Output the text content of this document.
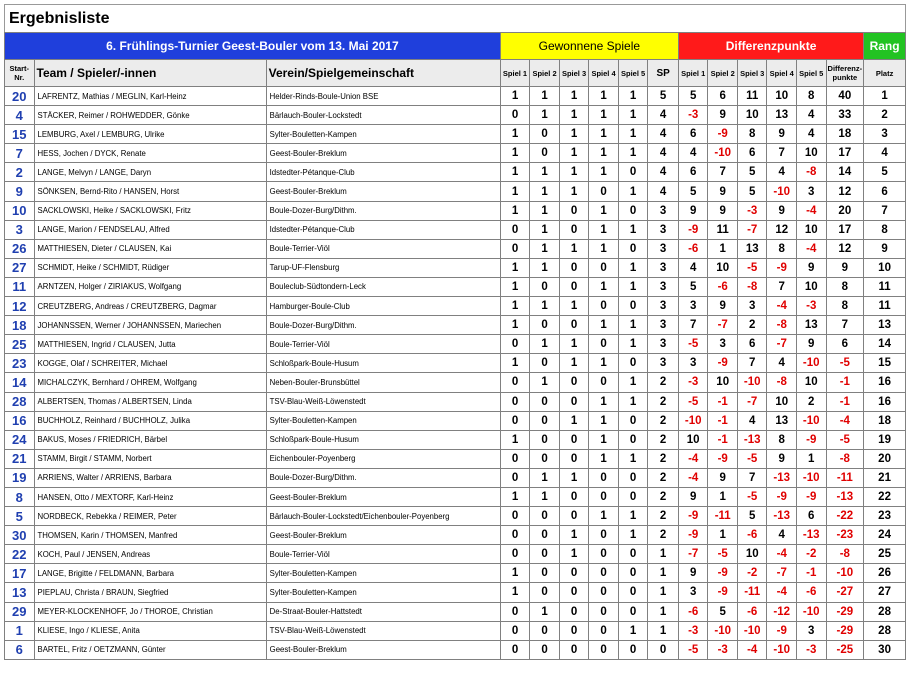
Ergebnisliste
6. Frühlings-Turnier Geest-Bouler vom 13. Mai 2017			Gewonnene Spiele						Differenzpunkte						Rang
Start-Nr.	Team / Spieler/-innen	Verein/Spielgemeinschaft	Spiel 1	Spiel 2	Spiel 3	Spiel 4	Spiel 5	SP	Spiel 1	Spiel 2	Spiel 3	Spiel 4	Spiel 5	Differenz-punkte	Platz
20	LAFRENTZ, Mathias / MEGLIN, Karl-Heinz	Helder-Rinds-Boule-Union BSE	1	1	1	1	1	5	5	6	11	10	8	40	1
4	STÄCKER, Reimer / ROHWEDDER, Gönke	Bärlauch-Bouler-Lockstedt	0	1	1	1	1	4	-3	9	10	13	4	33	2
15	LEMBURG, Axel / LEMBURG, Ulrike	Sylter-Bouletten-Kampen	1	0	1	1	1	4	6	-9	8	9	4	18	3
7	HESS, Jochen / DYCK, Renate	Geest-Bouler-Breklum	1	0	1	1	1	4	4	-10	6	7	10	17	4
2	LANGE, Melvyn / LANGE, Daryn	Idstedter-Pétanque-Club	1	1	1	1	0	4	6	7	5	4	-8	14	5
9	SÖNKSEN, Bernd-Rito / HANSEN, Horst	Geest-Bouler-Breklum	1	1	1	0	1	4	5	9	5	-10	3	12	6
10	SACKLOWSKI, Heike / SACKLOWSKI, Fritz	Boule-Dozer-Burg/Dithm.	1	1	0	1	0	3	9	9	-3	9	-4	20	7
3	LANGE, Marion / FENDSELAU, Alfred	Idstedter-Pétanque-Club	0	1	0	1	1	3	-9	11	-7	12	10	17	8
26	MATTHIESEN, Dieter / CLAUSEN, Kai	Boule-Terrier-Viöl	0	1	1	1	0	3	-6	1	13	8	-4	12	9
27	SCHMIDT, Heike / SCHMIDT, Rüdiger	Tarup-UF-Flensburg	1	1	0	0	1	3	4	10	-5	-9	9	9	10
11	ARNTZEN, Holger / ZIRIAKUS, Wolfgang	Bouleclub-Südtondern-Leck	1	0	0	1	1	3	5	-6	-8	7	10	8	11
12	CREUTZBERG, Andreas / CREUTZBERG, Dagmar	Hamburger-Boule-Club	1	1	1	0	0	3	3	9	3	-4	-3	8	11
18	JOHANNSSEN, Werner / JOHANNSSEN, Mariechen	Boule-Dozer-Burg/Dithm.	1	0	0	1	1	3	7	-7	2	-8	13	7	13
25	MATTHIESEN, Ingrid / CLAUSEN, Jutta	Boule-Terrier-Viöl	0	1	1	0	1	3	-5	3	6	-7	9	6	14
23	KOGGE, Olaf / SCHREITER, Michael	Schloßpark-Boule-Husum	1	0	1	1	0	3	3	-9	7	4	-10	-5	15
14	MICHALCZYK, Bernhard / OHREM, Wolfgang	Neben-Bouler-Brunsbüttel	0	1	0	0	1	2	-3	10	-10	-8	10	-1	16
28	ALBERTSEN, Thomas / ALBERTSEN, Linda	TSV-Blau-Weiß-Löwenstedt	0	0	0	1	1	2	-5	-1	-7	10	2	-1	16
16	BUCHHOLZ, Reinhard / BUCHHOLZ, Julika	Sylter-Bouletten-Kampen	0	0	1	1	0	2	-10	-1	4	13	-10	-4	18
24	BAKUS, Moses / FRIEDRICH, Bärbel	Schloßpark-Boule-Husum	1	0	0	1	0	2	10	-1	-13	8	-9	-5	19
21	STAMM, Birgit / STAMM, Norbert	Eichenbouler-Poyenberg	0	0	0	1	1	2	-4	-9	-5	9	1	-8	20
19	ARRIENS, Walter / ARRIENS, Barbara	Boule-Dozer-Burg/Dithm.	0	1	1	0	0	2	-4	9	7	-13	-10	-11	21
8	HANSEN, Otto / MEXTORF, Karl-Heinz	Geest-Bouler-Breklum	1	1	0	0	0	2	9	1	-5	-9	-9	-13	22
5	NORDBECK, Rebekka / REIMER, Peter	Bärlauch-Bouler-Lockstedt/Eichenbouler-Poyenberg	0	0	0	1	1	2	-9	-11	5	-13	6	-22	23
30	THOMSEN, Karin / THOMSEN, Manfred	Geest-Bouler-Breklum	0	0	1	0	1	2	-9	1	-6	4	-13	-23	24
22	KOCH, Paul / JENSEN, Andreas	Boule-Terrier-Viöl	0	0	1	0	0	1	-7	-5	10	-4	-2	-8	25
17	LANGE, Brigitte / FELDMANN, Barbara	Sylter-Bouletten-Kampen	1	0	0	0	0	1	9	-9	-2	-7	-1	-10	26
13	PIEPLAU, Christa / BRAUN, Siegfried	Sylter-Bouletten-Kampen	1	0	0	0	0	1	3	-9	-11	-4	-6	-27	27
29	MEYER-KLOCKENHOFF, Jo / THOROE, Christian	De-Straat-Bouler-Hattstedt	0	1	0	0	0	1	-6	5	-6	-12	-10	-29	28
1	KLIESE, Ingo / KLIESE, Anita	TSV-Blau-Weiß-Löwenstedt	0	0	0	0	1	1	-3	-10	-10	-9	3	-29	28
6	BARTEL, Fritz / OETZMANN, Günter	Geest-Bouler-Breklum	0	0	0	0	0	0	-5	-3	-4	-10	-3	-25	30
